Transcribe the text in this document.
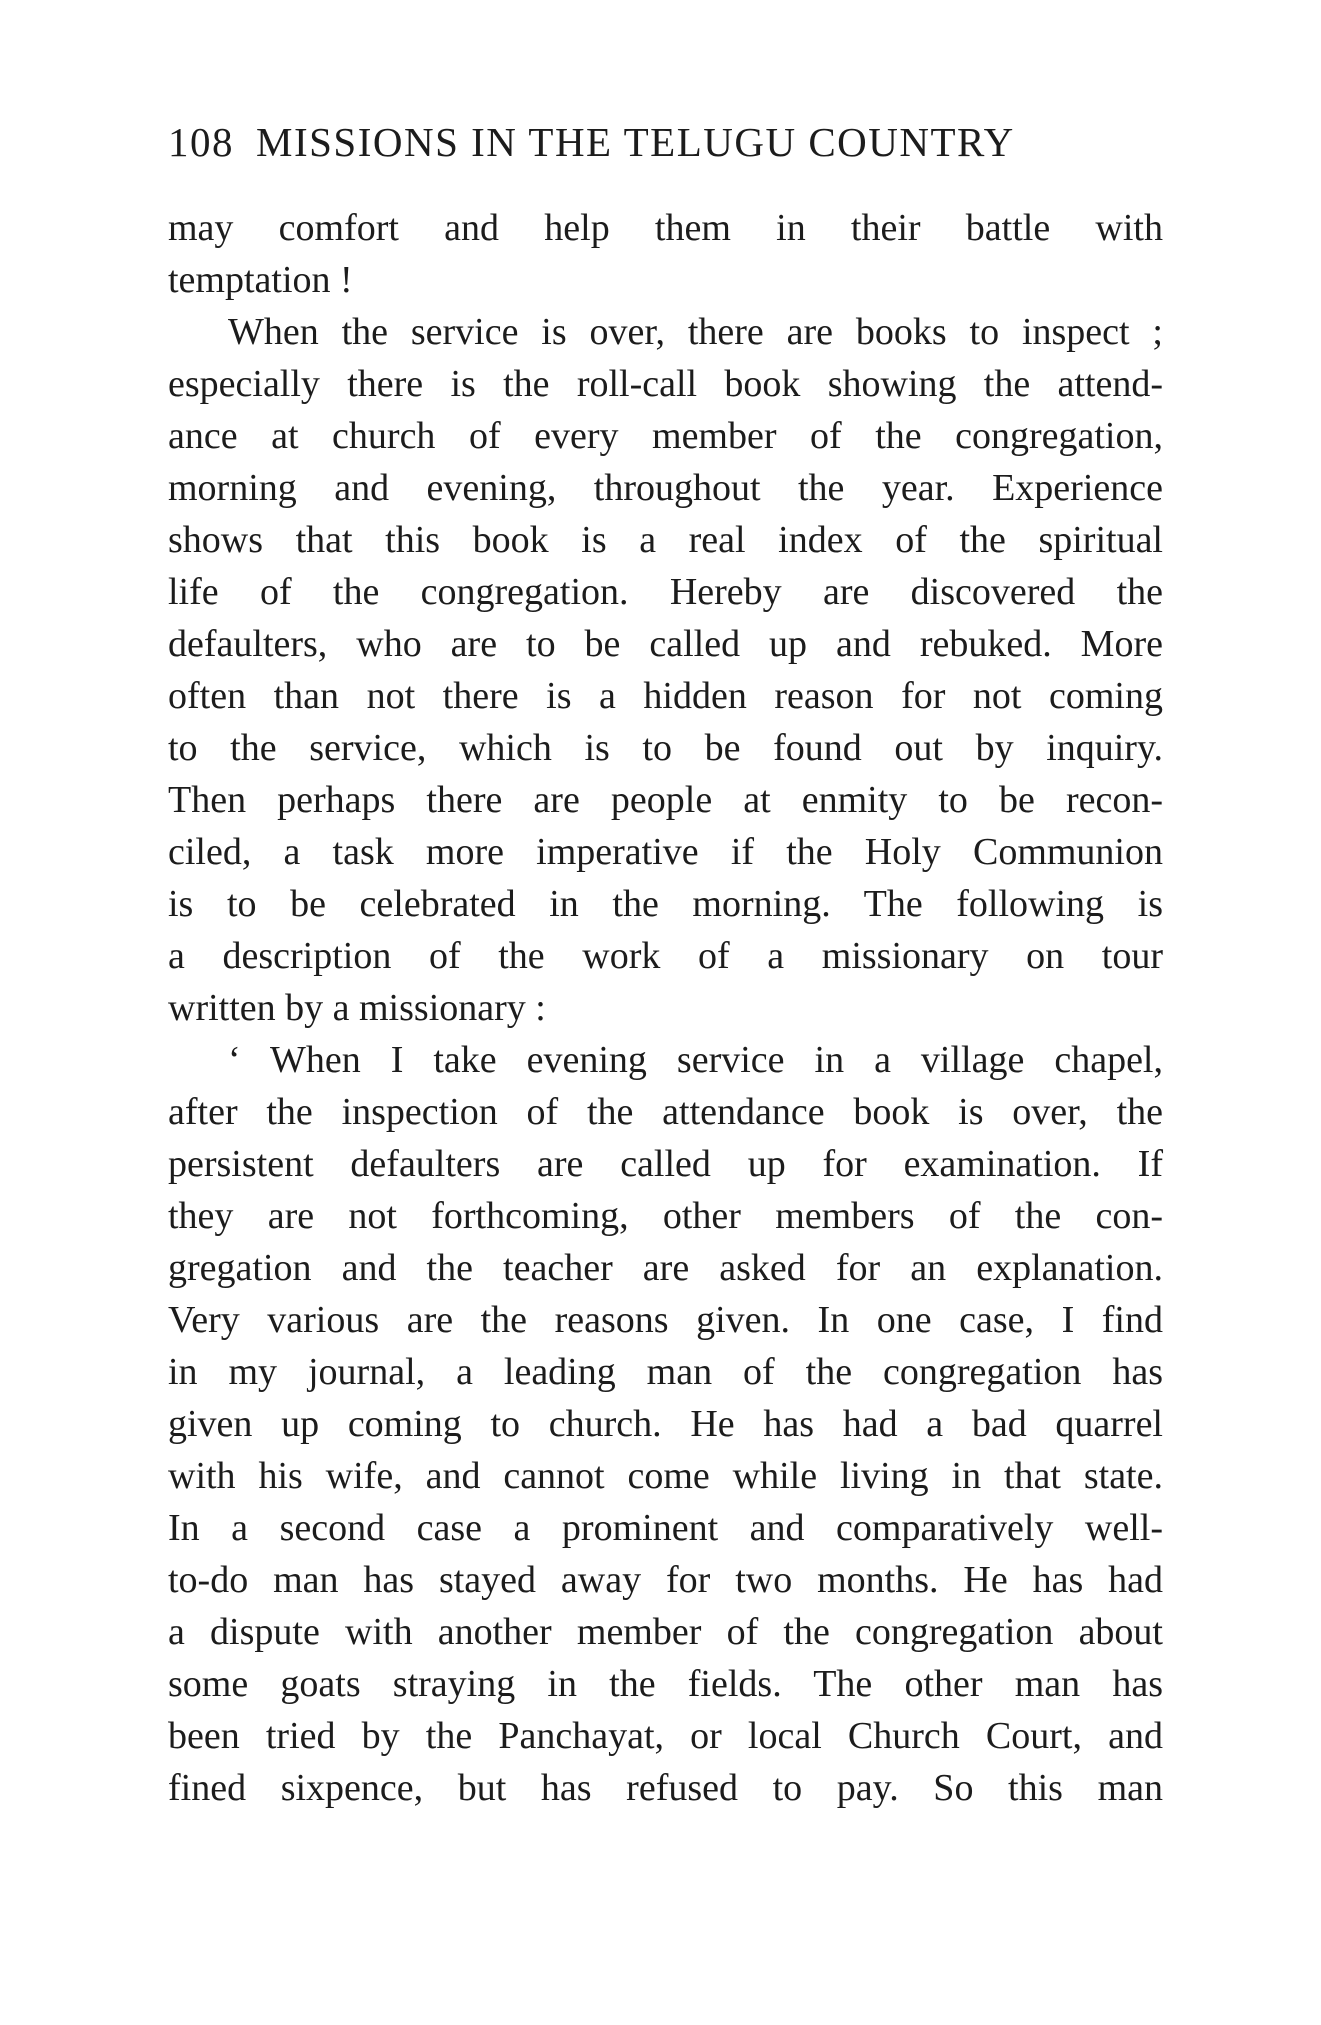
108 MISSIONS IN THE TELUGU COUNTRY
may comfort and help them in their battle with
temptation !
When the service is over, there are books to inspect ;
especially there is the roll-call book showing the attend-
ance at church of every member of the congregation,
morning and evening, throughout the year. Experience
shows that this book is a real index of the spiritual
life of the congregation. Hereby are discovered the
defaulters, who are to be called up and rebuked. More
often than not there is a hidden reason for not coming
to the service, which is to be found out by inquiry.
Then perhaps there are people at enmity to be recon-
ciled, a task more imperative if the Holy Communion
is to be celebrated in the morning. The following is
a description of the work of a missionary on tour
written by a missionary :
‘ When I take evening service in a village chapel,
after the inspection of the attendance book is over, the
persistent defaulters are called up for examination. If
they are not forthcoming, other members of the con-
gregation and the teacher are asked for an explanation.
Very various are the reasons given. In one case, I find
in my journal, a leading man of the congregation has
given up coming to church. He has had a bad quarrel
with his wife, and cannot come while living in that state.
In a second case a prominent and comparatively well-
to-do man has stayed away for two months. He has had
a dispute with another member of the congregation about
some goats straying in the fields. The other man has
been tried by the Panchayat, or local Church Court, and
fined sixpence, but has refused to pay. So this man
